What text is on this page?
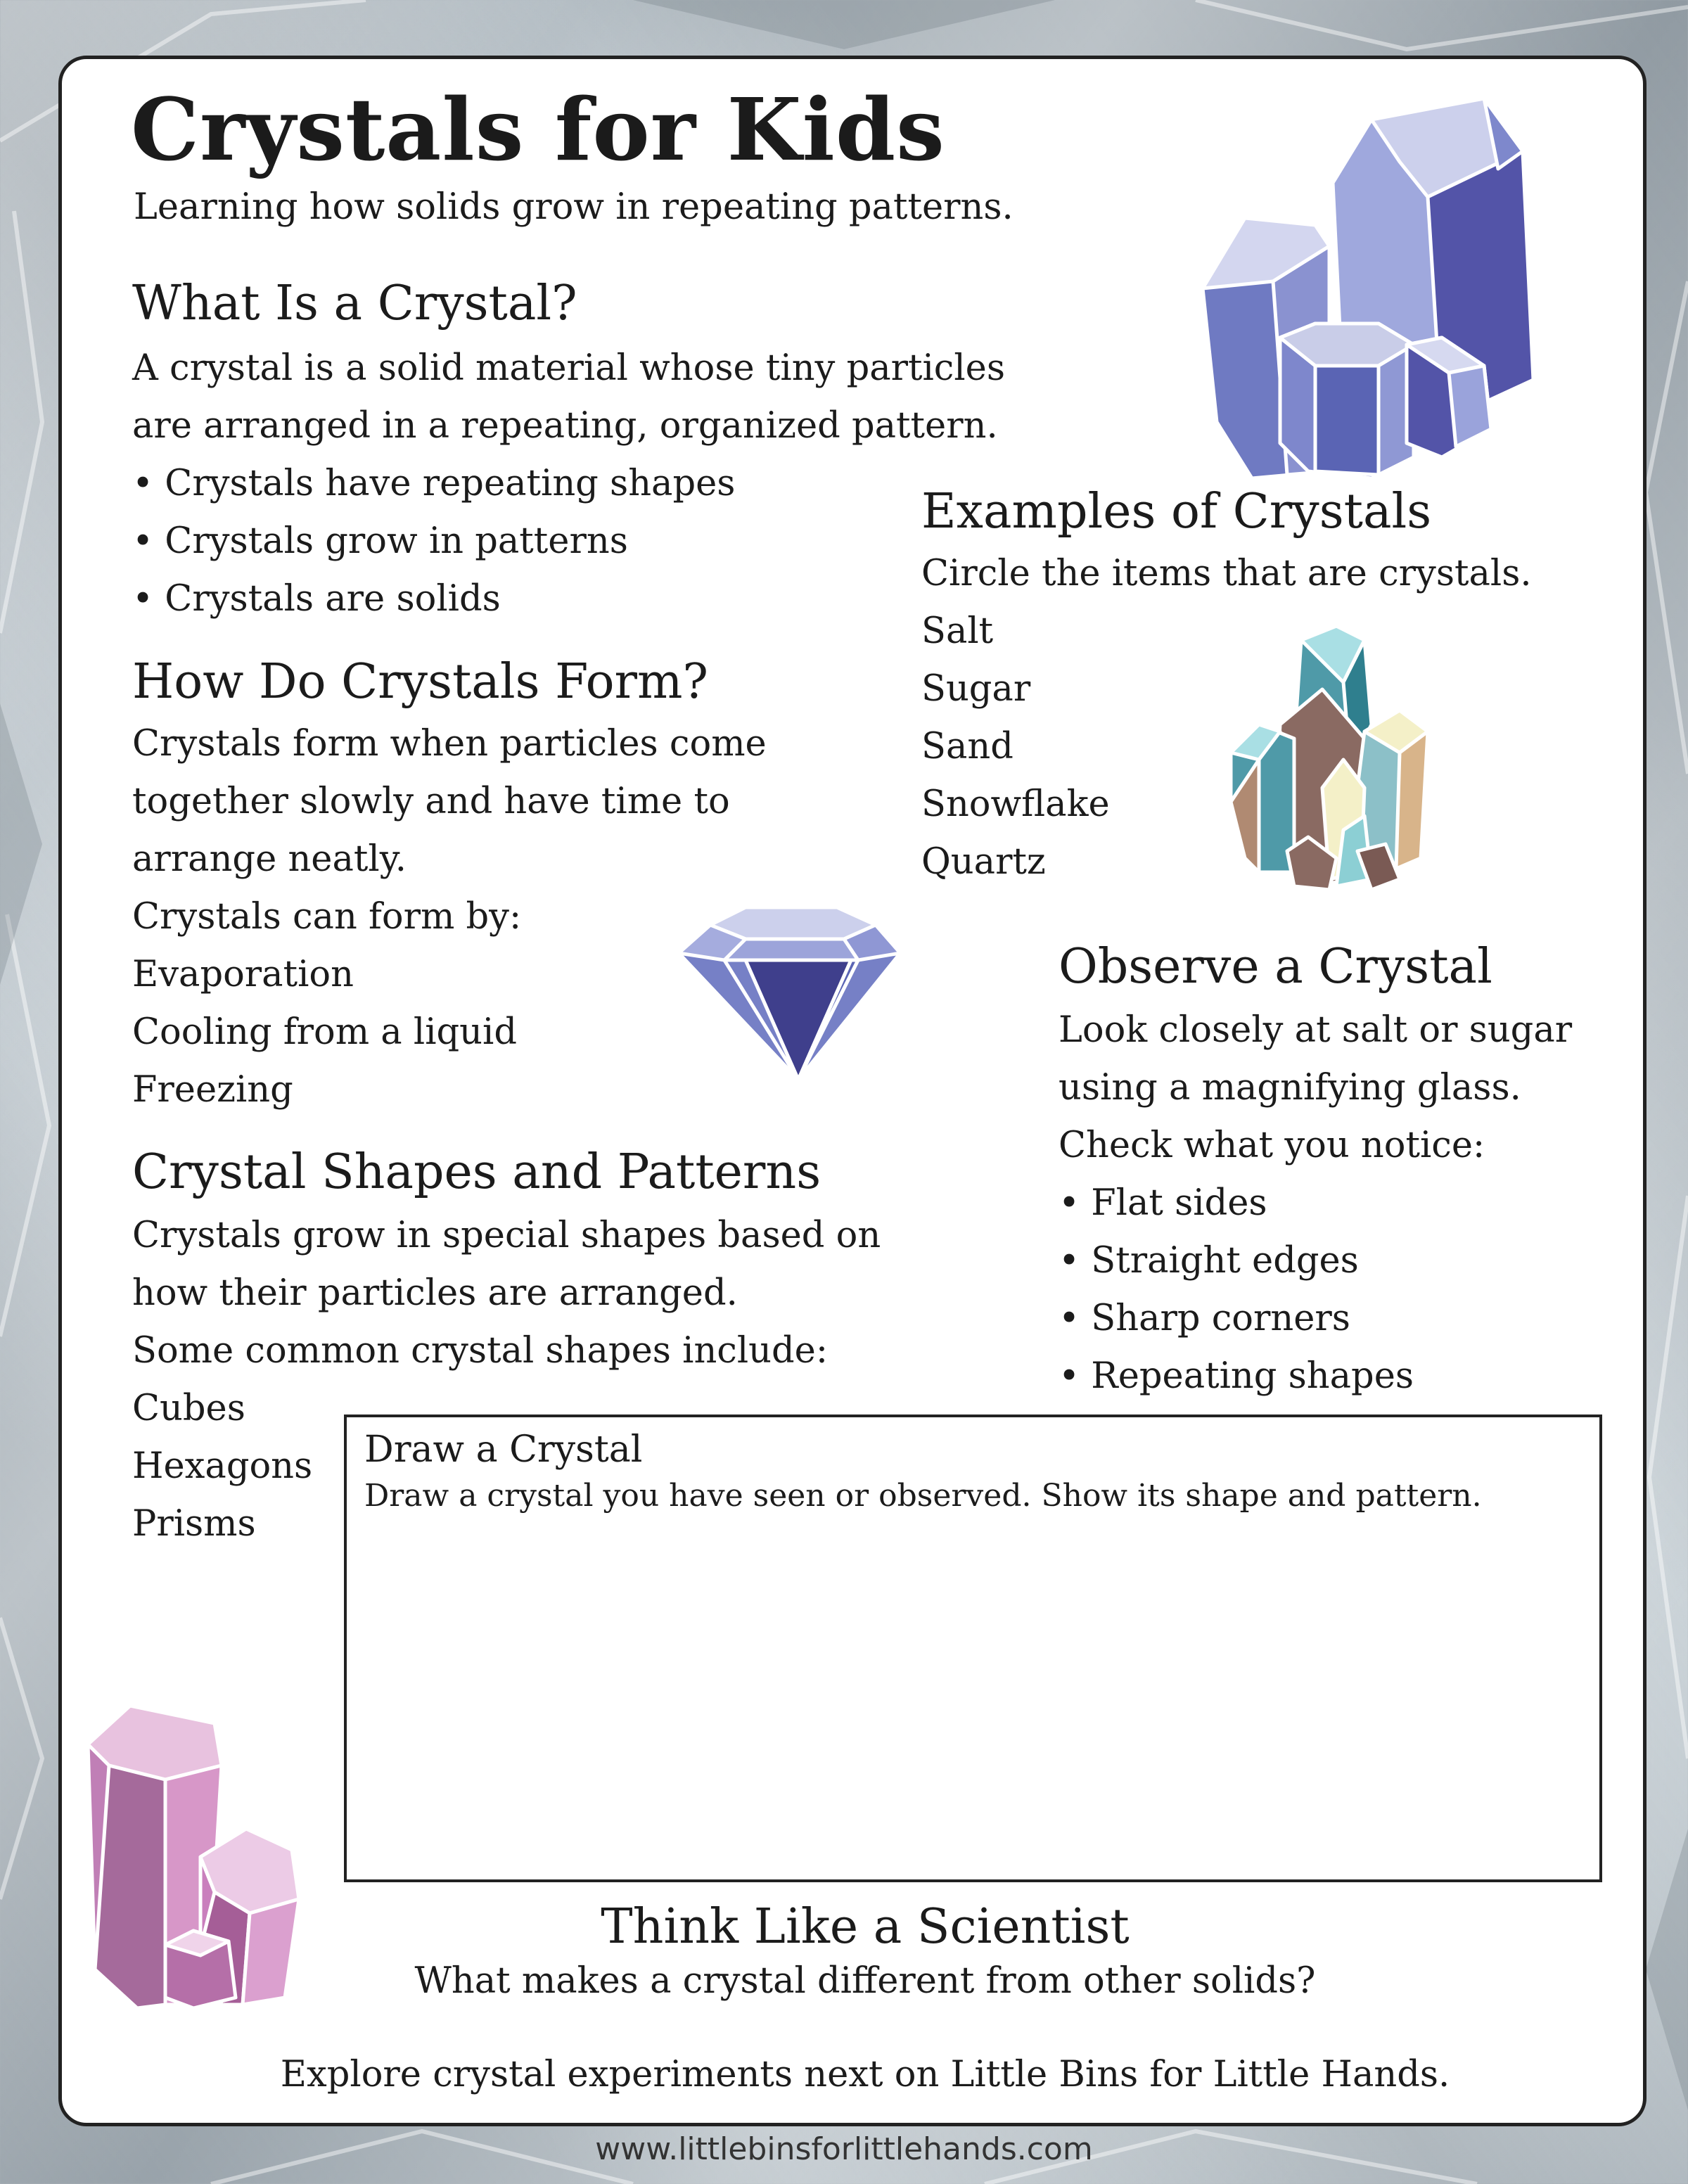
Crystals for Kids
Learning how solids grow in repeating patterns.
What Is a Crystal?
A crystal is a solid material whose tiny particles
are arranged in a repeating, organized pattern.
• Crystals have repeating shapes
• Crystals grow in patterns
• Crystals are solids
Examples of Crystals
Circle the items that are crystals.
Salt
Sugar
Sand
Snowflake
Quartz
How Do Crystals Form?
Crystals form when particles come
together slowly and have time to
arrange neatly.
Crystals can form by:
Evaporation
Cooling from a liquid
Freezing
Observe a Crystal
Look closely at salt or sugar
using a magnifying glass.
Check what you notice:
• Flat sides
• Straight edges
• Sharp corners
• Repeating shapes
Crystal Shapes and Patterns
Crystals grow in special shapes based on
how their particles are arranged.
Some common crystal shapes include:
Cubes
Hexagons
Prisms
Draw a Crystal
Draw a crystal you have seen or observed. Show its shape and pattern.
Think Like a Scientist
What makes a crystal different from other solids?
Explore crystal experiments next on Little Bins for Little Hands.
www.littlebinsforlittlehands.com
